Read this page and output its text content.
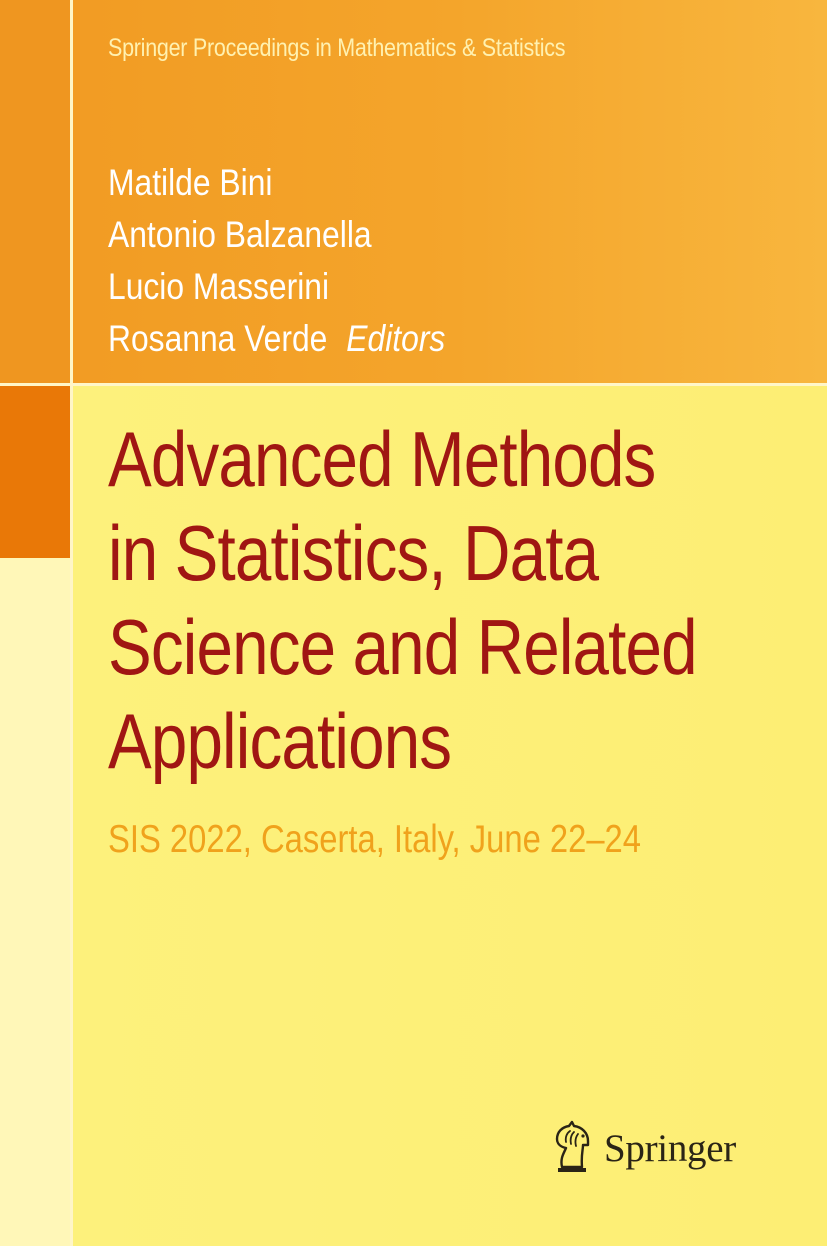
Springer Proceedings in Mathematics & Statistics

Matilde Bini
Antonio Balzanella
Lucio Masserini
Rosanna Verde Editors
Advanced Methods
in Statistics, Data
Science and Related
Applications

SIS 2022, Caserta, Italy, June 22–24

Springer
